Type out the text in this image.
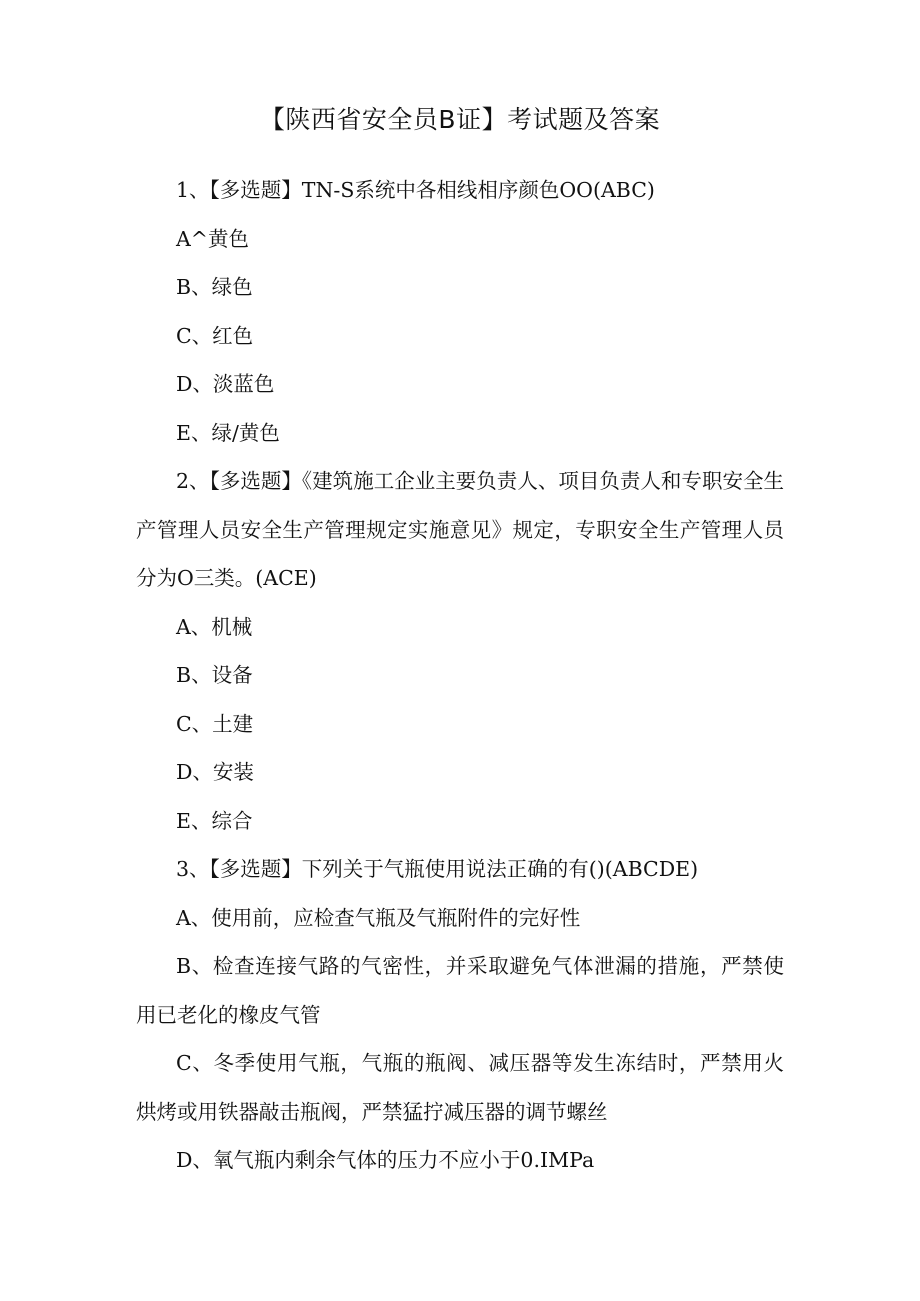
【陕西省安全员B证】考试题及答案

1、【多选题】TN-S系统中各相线相序颜色OO(ABC)

A^黄色

B、绿色

C、红色

D、淡蓝色

E、绿/黄色

2、【多选题】《建筑施工企业主要负责人、项目负责人和专职安全生产管理人员安全生产管理规定实施意见》规定，专职安全生产管理人员分为O三类。(ACE)

A、机械

B、设备

C、土建

D、安装

E、综合

3、【多选题】下列关于气瓶使用说法正确的有()(ABCDE)

A、使用前，应检查气瓶及气瓶附件的完好性

B、检查连接气路的气密性，并采取避免气体泄漏的措施，严禁使用已老化的橡皮气管

C、冬季使用气瓶，气瓶的瓶阀、减压器等发生冻结时，严禁用火烘烤或用铁器敲击瓶阀，严禁猛拧减压器的调节螺丝

D、氧气瓶内剩余气体的压力不应小于0.IMPa
